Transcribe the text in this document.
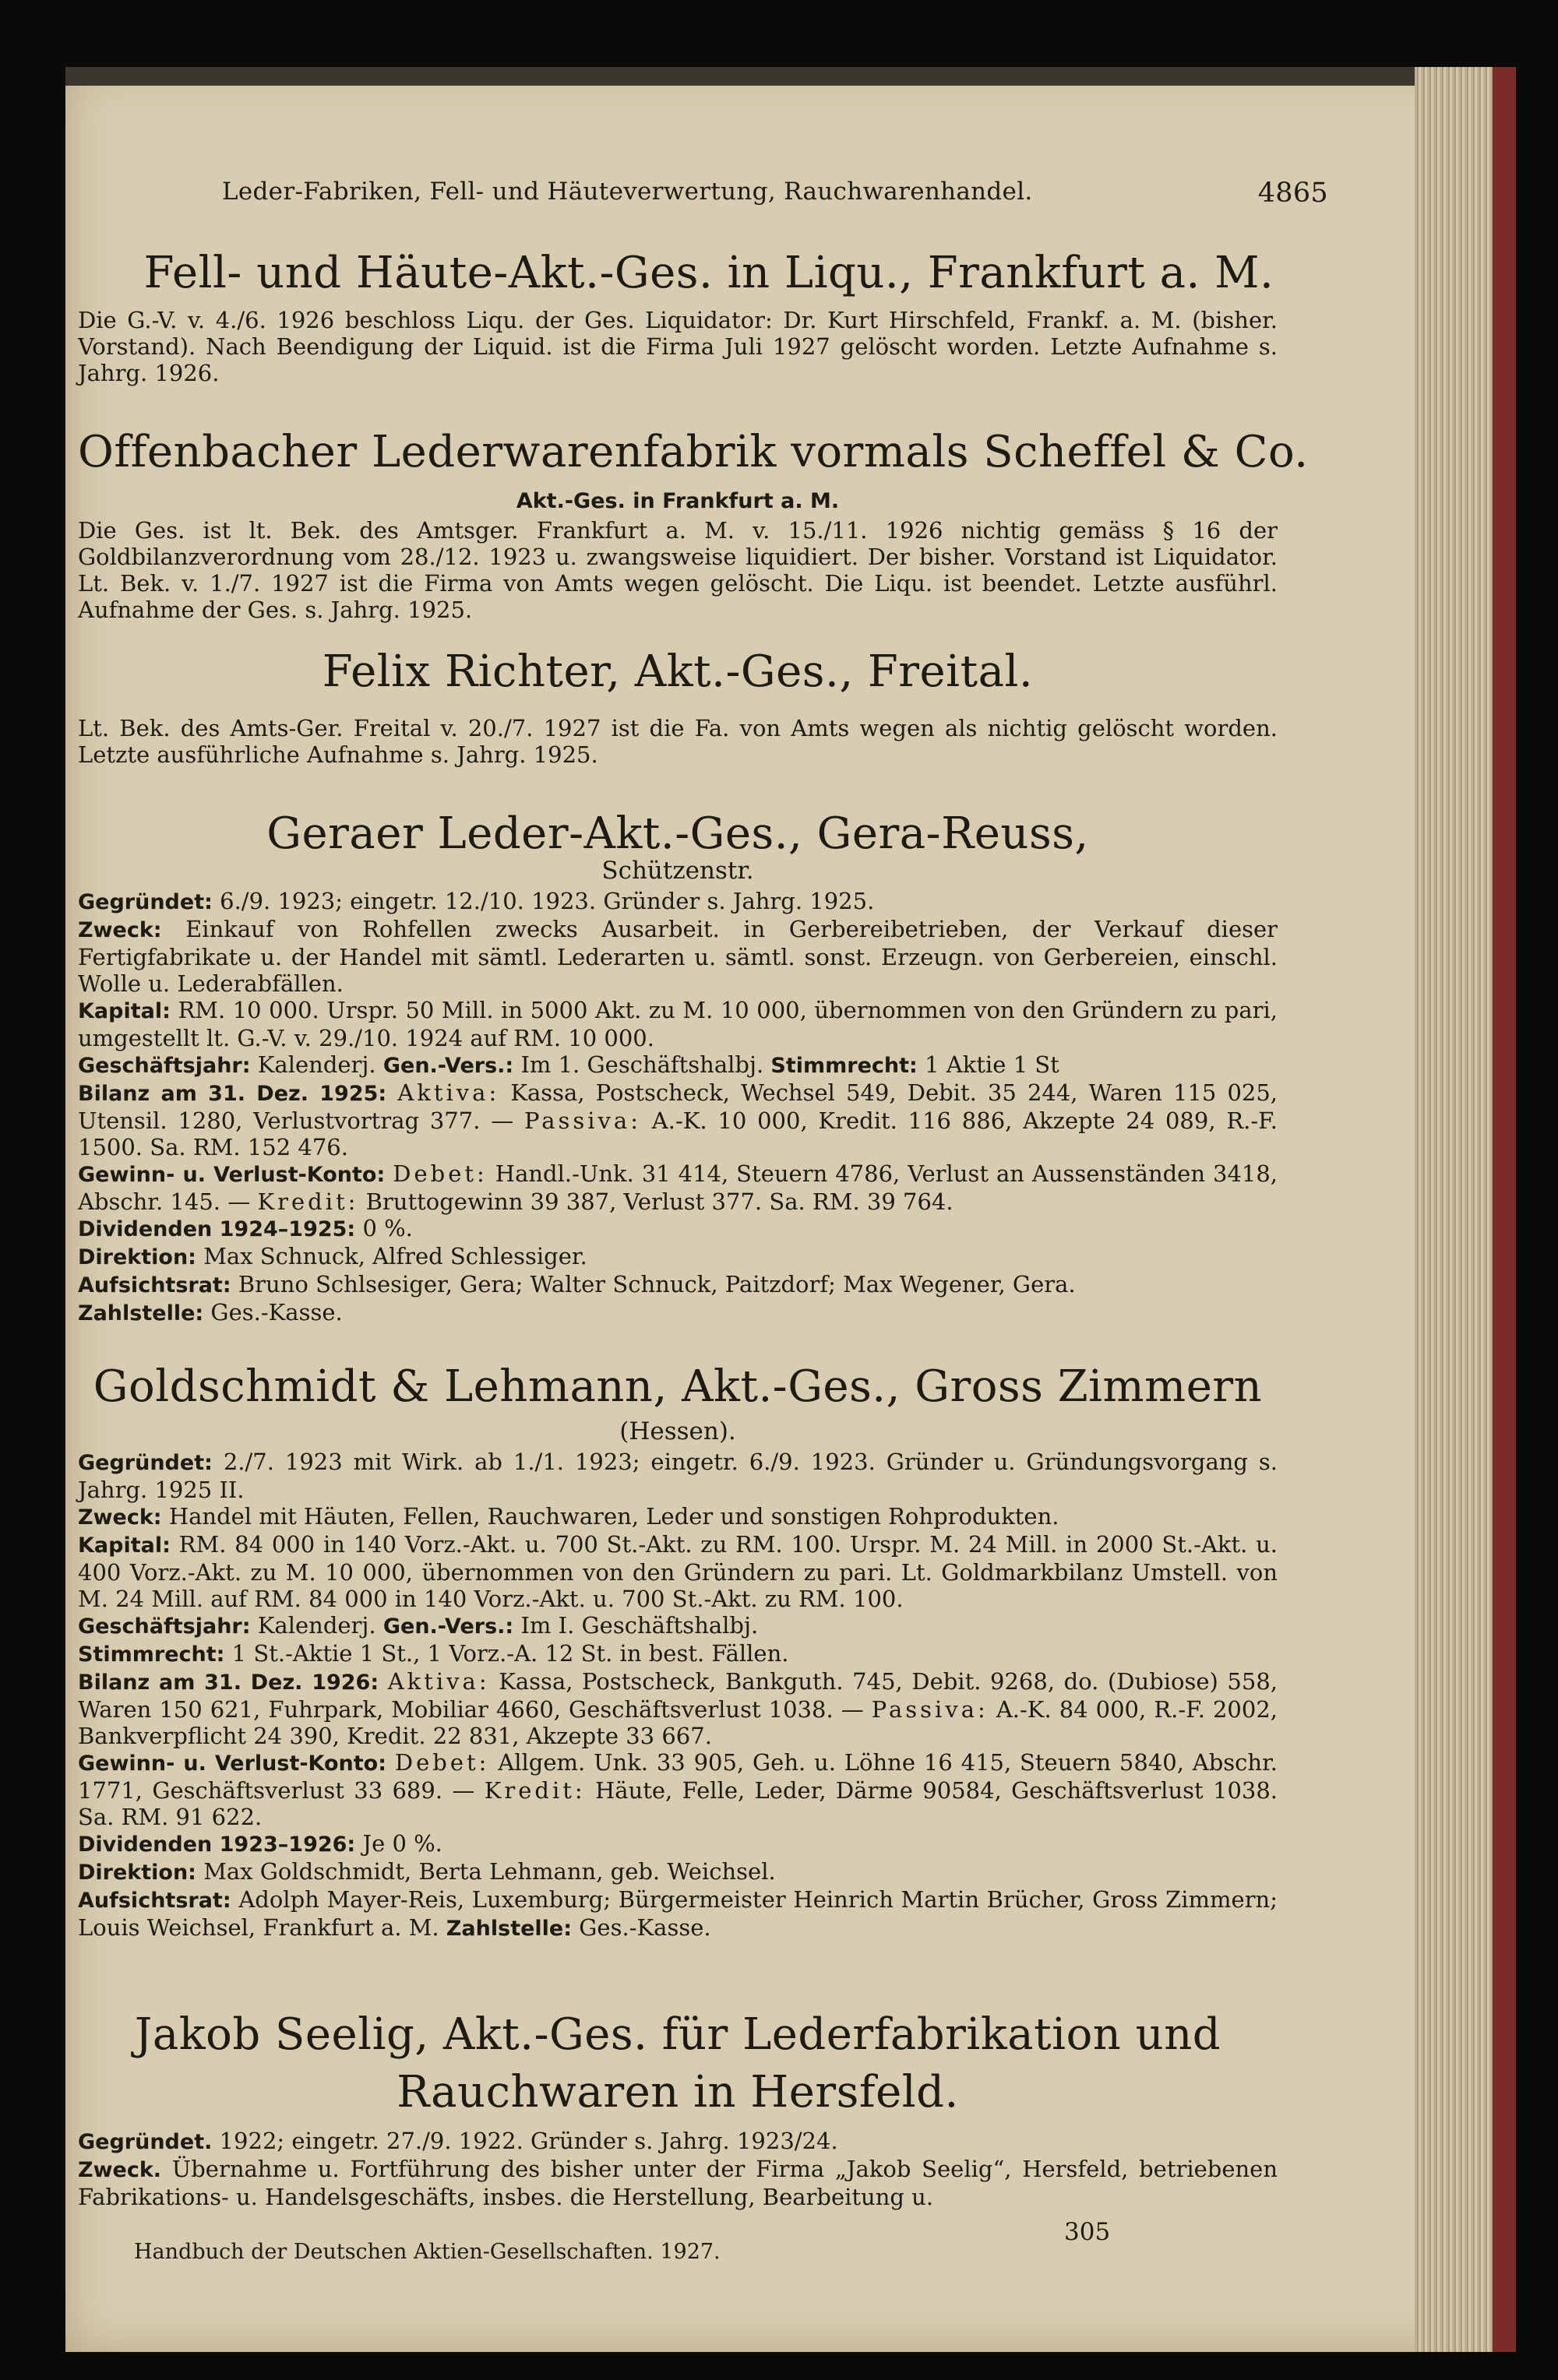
Leder-Fabriken, Fell- und Häuteverwertung, Rauchwarenhandel.	4865
Fell- und Häute-Akt.-Ges. in Liqu., Frankfurt a. M.

Die G.-V. v. 4./6. 1926 beschloss Liqu. der Ges. Liquidator: Dr. Kurt Hirschfeld, Frankf. a. M. (bisher. Vorstand). Nach Beendigung der Liquid. ist die Firma Juli 1927 gelöscht worden. Letzte Aufnahme s. Jahrg. 1926.

Offenbacher Lederwarenfabrik vormals Scheffel & Co.
Akt.-Ges. in Frankfurt a. M.

Die Ges. ist lt. Bek. des Amtsger. Frankfurt a. M. v. 15./11. 1926 nichtig gemäss § 16 der Goldbilanzverordnung vom 28./12. 1923 u. zwangsweise liquidiert. Der bisher. Vorstand ist Liquidator. Lt. Bek. v. 1./7. 1927 ist die Firma von Amts wegen gelöscht. Die Liqu. ist beendet. Letzte ausführl. Aufnahme der Ges. s. Jahrg. 1925.

Felix Richter, Akt.-Ges., Freital.

Lt. Bek. des Amts-Ger. Freital v. 20./7. 1927 ist die Fa. von Amts wegen als nichtig gelöscht worden. Letzte ausführliche Aufnahme s. Jahrg. 1925.

Geraer Leder-Akt.-Ges., Gera-Reuss,
Schützenstr.

Gegründet: 6./9. 1923; eingetr. 12./10. 1923. Gründer s. Jahrg. 1925.

Zweck: Einkauf von Rohfellen zwecks Ausarbeit. in Gerbereibetrieben, der Verkauf dieser Fertigfabrikate u. der Handel mit sämtl. Lederarten u. sämtl. sonst. Erzeugn. von Gerbereien, einschl. Wolle u. Lederabfällen.

Kapital: RM. 10 000. Urspr. 50 Mill. in 5000 Akt. zu M. 10 000, übernommen von den Gründern zu pari, umgestellt lt. G.-V. v. 29./10. 1924 auf RM. 10 000.

Geschäftsjahr: Kalenderj. Gen.-Vers.: Im 1. Geschäftshalbj. Stimmrecht: 1 Aktie 1 St

Bilanz am 31. Dez. 1925: Aktiva: Kassa, Postscheck, Wechsel 549, Debit. 35 244, Waren 115 025, Utensil. 1280, Verlustvortrag 377. — Passiva: A.-K. 10 000, Kredit. 116 886, Akzepte 24 089, R.-F. 1500. Sa. RM. 152 476.

Gewinn- u. Verlust-Konto: Debet: Handl.-Unk. 31 414, Steuern 4786, Verlust an Aussenständen 3418, Abschr. 145. — Kredit: Bruttogewinn 39 387, Verlust 377. Sa. RM. 39 764.

Dividenden 1924–1925: 0 %.

Direktion: Max Schnuck, Alfred Schlessiger.

Aufsichtsrat: Bruno Schlsesiger, Gera; Walter Schnuck, Paitzdorf; Max Wegener, Gera.

Zahlstelle: Ges.-Kasse.

Goldschmidt & Lehmann, Akt.-Ges., Gross Zimmern
(Hessen).

Gegründet: 2./7. 1923 mit Wirk. ab 1./1. 1923; eingetr. 6./9. 1923. Gründer u. Gründungsvorgang s. Jahrg. 1925 II.

Zweck: Handel mit Häuten, Fellen, Rauchwaren, Leder und sonstigen Rohprodukten.

Kapital: RM. 84 000 in 140 Vorz.-Akt. u. 700 St.-Akt. zu RM. 100. Urspr. M. 24 Mill. in 2000 St.-Akt. u. 400 Vorz.-Akt. zu M. 10 000, übernommen von den Gründern zu pari. Lt. Goldmarkbilanz Umstell. von M. 24 Mill. auf RM. 84 000 in 140 Vorz.-Akt. u. 700 St.-Akt. zu RM. 100.

Geschäftsjahr: Kalenderj. Gen.-Vers.: Im I. Geschäftshalbj.

Stimmrecht: 1 St.-Aktie 1 St., 1 Vorz.-A. 12 St. in best. Fällen.

Bilanz am 31. Dez. 1926: Aktiva: Kassa, Postscheck, Bankguth. 745, Debit. 9268, do. (Dubiose) 558, Waren 150 621, Fuhrpark, Mobiliar 4660, Geschäftsverlust 1038. — Passiva: A.-K. 84 000, R.-F. 2002, Bankverpflicht 24 390, Kredit. 22 831, Akzepte 33 667.

Gewinn- u. Verlust-Konto: Debet: Allgem. Unk. 33 905, Geh. u. Löhne 16 415, Steuern 5840, Abschr. 1771, Geschäftsverlust 33 689. — Kredit: Häute, Felle, Leder, Därme 90584, Geschäftsverlust 1038. Sa. RM. 91 622.

Dividenden 1923–1926: Je 0 %.

Direktion: Max Goldschmidt, Berta Lehmann, geb. Weichsel.

Aufsichtsrat: Adolph Mayer-Reis, Luxemburg; Bürgermeister Heinrich Martin Brücher, Gross Zimmern; Louis Weichsel, Frankfurt a. M. Zahlstelle: Ges.-Kasse.

Jakob Seelig, Akt.-Ges. für Lederfabrikation und
Rauchwaren in Hersfeld.

Gegründet. 1922; eingetr. 27./9. 1922. Gründer s. Jahrg. 1923/24.

Zweck. Übernahme u. Fortführung des bisher unter der Firma „Jakob Seelig“, Hersfeld, betriebenen Fabrikations- u. Handelsgeschäfts, insbes. die Herstellung, Bearbeitung u.

Handbuch der Deutschen Aktien-Gesellschaften. 1927.
305
